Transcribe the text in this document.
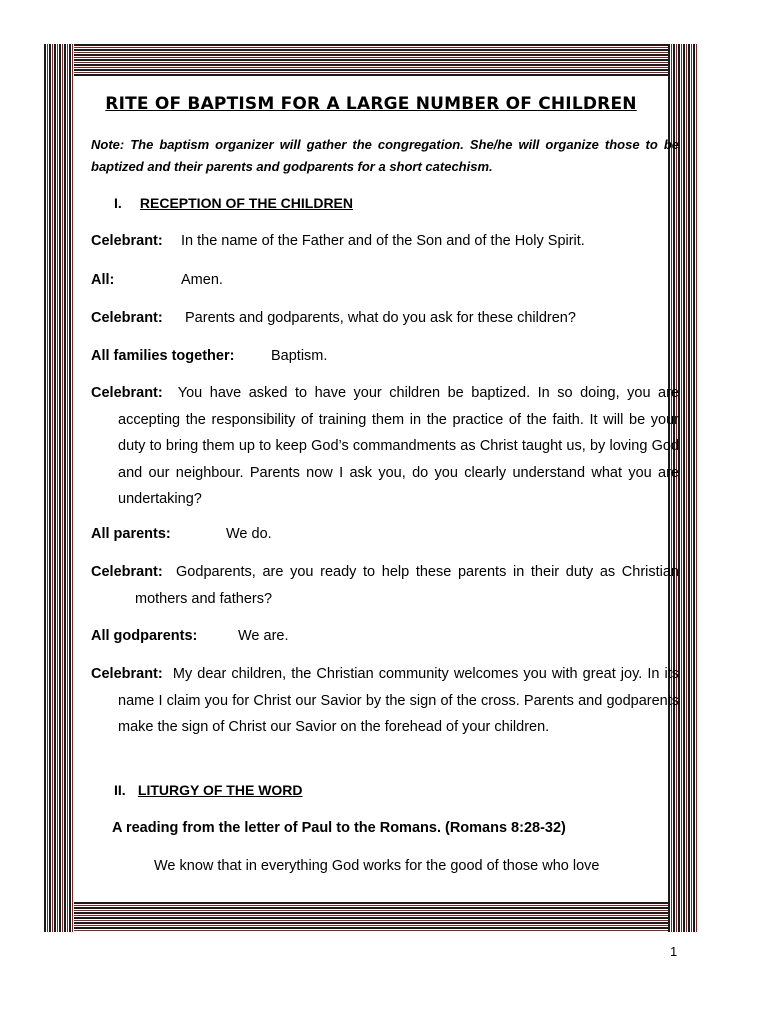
RITE OF BAPTISM FOR A LARGE NUMBER OF CHILDREN
Note: The baptism organizer will gather the congregation. She/he will organize those to be baptized and their parents and godparents for a short catechism.
I. RECEPTION OF THE CHILDREN
Celebrant: In the name of the Father and of the Son and of the Holy Spirit.
All:	Amen.
Celebrant: Parents and godparents, what do you ask for these children?
All families together:	Baptism.
Celebrant: You have asked to have your children be baptized. In so doing, you are accepting the responsibility of training them in the practice of the faith. It will be your duty to bring them up to keep God’s commandments as Christ taught us, by loving God and our neighbour. Parents now I ask you, do you clearly understand what you are undertaking?
All parents:	We do.
Celebrant: Godparents, are you ready to help these parents in their duty as Christian mothers and fathers?
All godparents:	We are.
Celebrant: My dear children, the Christian community welcomes you with great joy. In its name I claim you for Christ our Savior by the sign of the cross. Parents and godparents make the sign of Christ our Savior on the forehead of your children.
II. LITURGY OF THE WORD
A reading from the letter of Paul to the Romans. (Romans 8:28-32)
We know that in everything God works for the good of those who love
1
